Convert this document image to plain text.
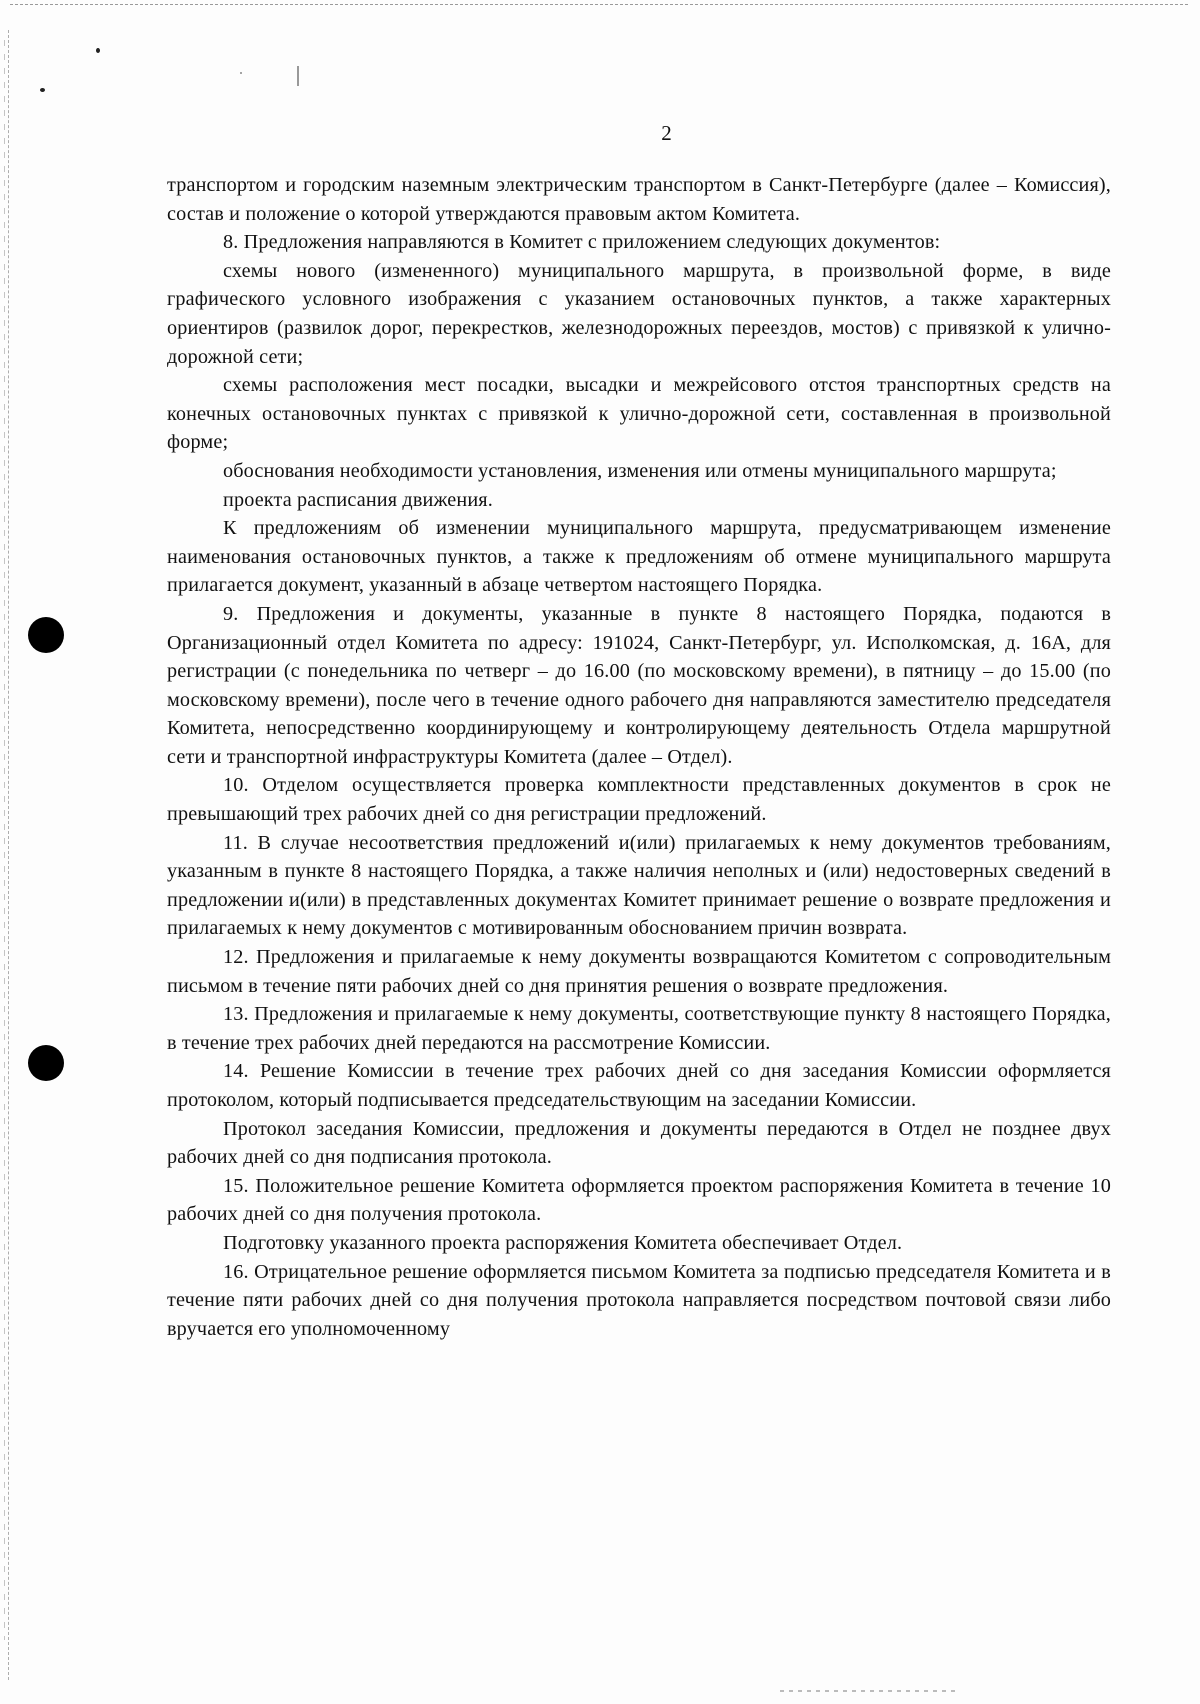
2

транспортом и городским наземным электрическим транспортом в Санкт-Петербурге (далее – Комиссия), состав и положение о которой утверждаются правовым актом Комитета.

8. Предложения направляются в Комитет с приложением следующих документов:

схемы нового (измененного) муниципального маршрута, в произвольной форме, в виде графического условного изображения с указанием остановочных пунктов, а также характерных ориентиров (развилок дорог, перекрестков, железнодорожных переездов, мостов) с привязкой к улично-дорожной сети;

схемы расположения мест посадки, высадки и межрейсового отстоя транспортных средств на конечных остановочных пунктах с привязкой к улично-дорожной сети, составленная в произвольной форме;

обоснования необходимости установления, изменения или отмены муниципального маршрута;

проекта расписания движения.

К предложениям об изменении муниципального маршрута, предусматривающем изменение наименования остановочных пунктов, а также к предложениям об отмене муниципального маршрута прилагается документ, указанный в абзаце четвертом настоящего Порядка.

9. Предложения и документы, указанные в пункте 8 настоящего Порядка, подаются в Организационный отдел Комитета по адресу: 191024, Санкт-Петербург, ул. Исполкомская, д. 16А, для регистрации (с понедельника по четверг – до 16.00 (по московскому времени), в пятницу – до 15.00 (по московскому времени), после чего в течение одного рабочего дня направляются заместителю председателя Комитета, непосредственно координирующему и контролирующему деятельность Отдела маршрутной сети и транспортной инфраструктуры Комитета (далее – Отдел).

10. Отделом осуществляется проверка комплектности представленных документов в срок не превышающий трех рабочих дней со дня регистрации предложений.

11. В случае несоответствия предложений и(или) прилагаемых к нему документов требованиям, указанным в пункте 8 настоящего Порядка, а также наличия неполных и (или) недостоверных сведений в предложении и(или) в представленных документах Комитет принимает решение о возврате предложения и прилагаемых к нему документов с мотивированным обоснованием причин возврата.

12. Предложения и прилагаемые к нему документы возвращаются Комитетом с сопроводительным письмом в течение пяти рабочих дней со дня принятия решения о возврате предложения.

13. Предложения и прилагаемые к нему документы, соответствующие пункту 8 настоящего Порядка, в течение трех рабочих дней передаются на рассмотрение Комиссии.

14. Решение Комиссии в течение трех рабочих дней со дня заседания Комиссии оформляется протоколом, который подписывается председательствующим на заседании Комиссии.

Протокол заседания Комиссии, предложения и документы передаются в Отдел не позднее двух рабочих дней со дня подписания протокола.

15. Положительное решение Комитета оформляется проектом распоряжения Комитета в течение 10 рабочих дней со дня получения протокола.

Подготовку указанного проекта распоряжения Комитета обеспечивает Отдел.

16. Отрицательное решение оформляется письмом Комитета за подписью председателя Комитета и в течение пяти рабочих дней со дня получения протокола направляется посредством почтовой связи либо вручается его уполномоченному
